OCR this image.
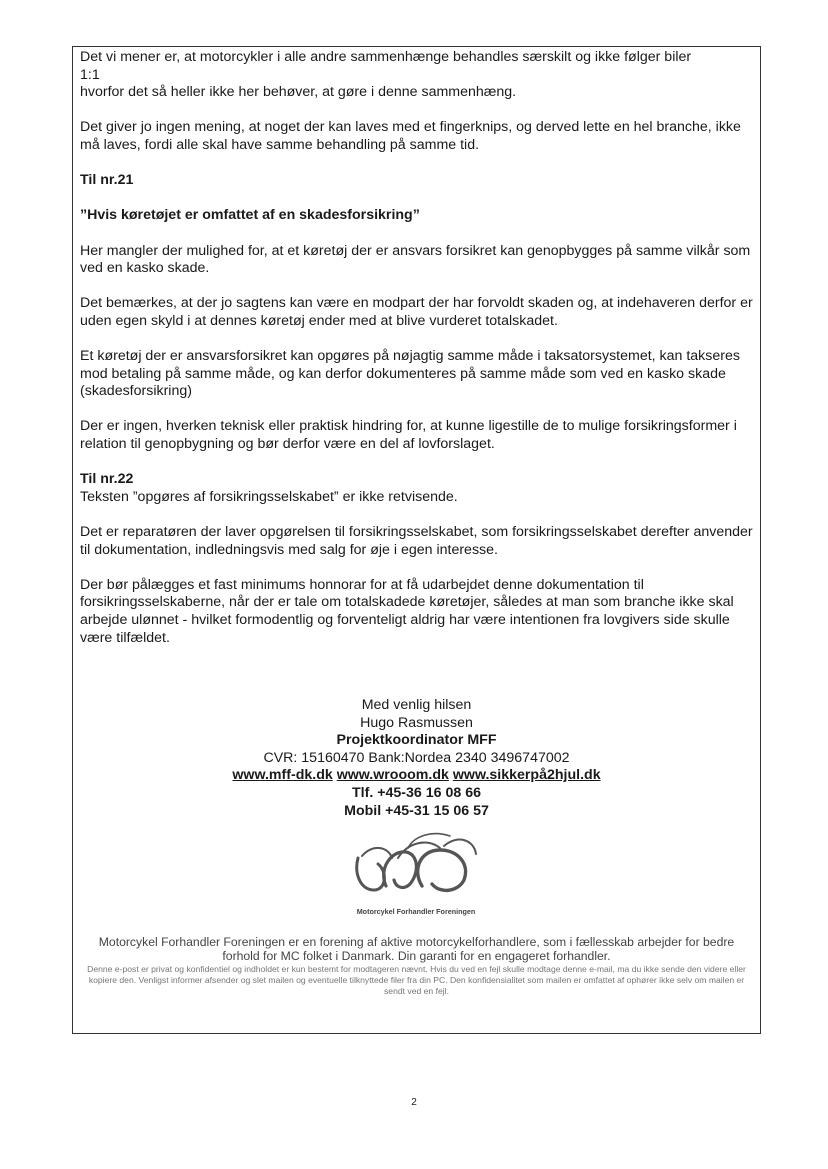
Det vi mener er, at motorcykler i alle andre sammenhænge behandles særskilt og ikke følger biler

1:1

hvorfor det så heller ikke her behøver, at gøre i denne sammenhæng.

Det giver jo ingen mening, at noget der kan laves med et fingerknips, og derved lette en hel branche, ikke må laves, fordi alle skal have samme behandling på samme tid.

Til nr.21

”Hvis køretøjet er omfattet af en skadesforsikring”

Her mangler der mulighed for, at et køretøj der er ansvars forsikret kan genopbygges på samme vilkår som ved en kasko skade.

Det bemærkes, at der jo sagtens kan være en modpart der har forvoldt skaden og, at indehaveren derfor er uden egen skyld i at dennes køretøj ender med at blive vurderet totalskadet.

Et køretøj der er ansvarsforsikret kan opgøres på nøjagtig samme måde i taksatorsystemet, kan takseres mod betaling på samme måde, og kan derfor dokumenteres på samme måde som ved en kasko skade (skadesforsikring)

Der er ingen, hverken teknisk eller praktisk hindring for, at kunne ligestille de to mulige forsikringsformer i relation til genopbygning og bør derfor være en del af lovforslaget.

Til nr.22

Teksten ”opgøres af forsikringsselskabet” er ikke retvisende.

Det er reparatøren der laver opgørelsen til forsikringsselskabet, som forsikringsselskabet derefter anvender til dokumentation, indledningsvis med salg for øje i egen interesse.

Der bør pålægges et fast minimums honnorar for at få udarbejdet denne dokumentation til forsikringsselskaberne, når der er tale om totalskadede køretøjer, således at man som branche ikke skal arbejde ulønnet - hvilket formodentlig og forventeligt aldrig har være intentionen fra lovgivers side skulle være tilfældet.

Med venlig hilsen
Hugo Rasmussen
Projektkoordinator MFF
CVR: 15160470 Bank:Nordea 2340 3496747002
www.mff-dk.dk www.wrooom.dk www.sikkerpå2hjul.dk
Tlf. +45-36 16 08 66
Mobil +45-31 15 06 57
Motorcykel Forhandler Foreningen
Motorcykel Forhandler Foreningen er en forening af aktive motorcykelforhandlere, som i fællesskab arbejder for bedre forhold for MC folket i Danmark. Din garanti for en engageret forhandler.
Denne e-post er privat og konfidentiel og indholdet er kun bestemt for modtageren nævnt. Hvis du ved en fejl skulle modtage denne e-mail, ma du ikke sende den videre eller kopiere den. Venligst informer afsender og slet mailen og eventuelle tilknyttede filer fra din PC. Den konfidensialitet som mailen er omfattet af ophører ikke selv om mailen er sendt ved en fejl.
2
